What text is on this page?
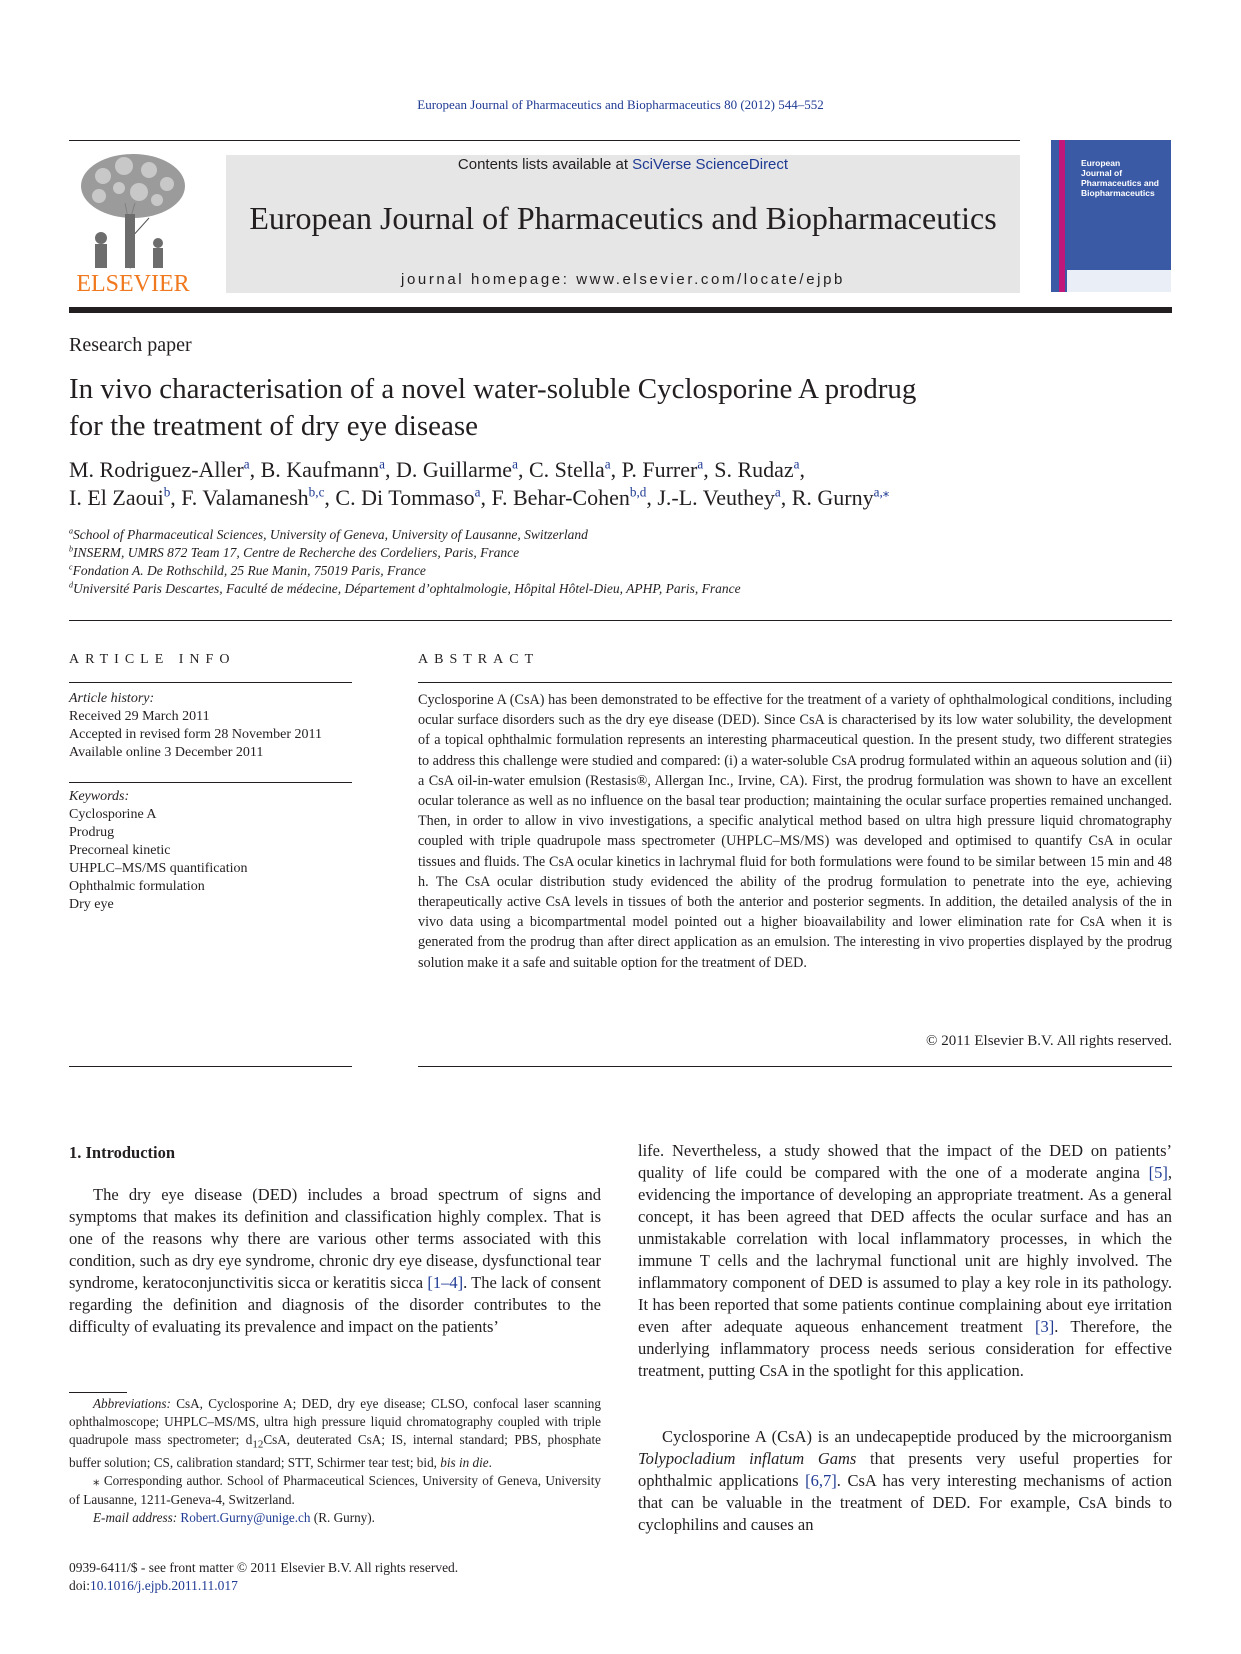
European Journal of Pharmaceutics and Biopharmaceutics 80 (2012) 544–552
ELSEVIER
Contents lists available at SciVerse ScienceDirect
European Journal of Pharmaceutics and Biopharmaceutics
journal homepage: www.elsevier.com/locate/ejpb
European
Journal of
Pharmaceutics and
Biopharmaceutics
Research paper
In vivo characterisation of a novel water-soluble Cyclosporine A prodrug
for the treatment of dry eye disease
M. Rodriguez-Aller$^a$, B. Kaufmann$^a$, D. Guillarme$^a$, C. Stella$^a$, P. Furrer$^a$, S. Rudaz$^a$,
I. El Zaoui$^b$, F. Valamanesh$^{b,c}$, C. Di Tommaso$^a$, F. Behar-Cohen$^{b,d}$, J.-L. Veuthey$^a$, R. Gurny$^{a,⁎}$
$^a$School of Pharmaceutical Sciences, University of Geneva, University of Lausanne, Switzerland
$^b$INSERM, UMRS 872 Team 17, Centre de Recherche des Cordeliers, Paris, France
$^c$Fondation A. De Rothschild, 25 Rue Manin, 75019 Paris, France
$^d$Université Paris Descartes, Faculté de médecine, Département d’ophtalmologie, Hôpital Hôtel-Dieu, APHP, Paris, France
ARTICLE INFO
Article history:
Received 29 March 2011
Accepted in revised form 28 November 2011
Available online 3 December 2011
Keywords:
Cyclosporine A
Prodrug
Precorneal kinetic
UHPLC–MS/MS quantification
Ophthalmic formulation
Dry eye
ABSTRACT
Cyclosporine A (CsA) has been demonstrated to be effective for the treatment of a variety of ophthalmological conditions, including ocular surface disorders such as the dry eye disease (DED). Since CsA is characterised by its low water solubility, the development of a topical ophthalmic formulation represents an interesting pharmaceutical question. In the present study, two different strategies to address this challenge were studied and compared: (i) a water-soluble CsA prodrug formulated within an aqueous solution and (ii) a CsA oil-in-water emulsion (Restasis®, Allergan Inc., Irvine, CA). First, the prodrug formulation was shown to have an excellent ocular tolerance as well as no influence on the basal tear production; maintaining the ocular surface properties remained unchanged. Then, in order to allow in vivo investigations, a specific analytical method based on ultra high pressure liquid chromatography coupled with triple quadrupole mass spectrometer (UHPLC–MS/MS) was developed and optimised to quantify CsA in ocular tissues and fluids. The CsA ocular kinetics in lachrymal fluid for both formulations were found to be similar between 15 min and 48 h. The CsA ocular distribution study evidenced the ability of the prodrug formulation to penetrate into the eye, achieving therapeutically active CsA levels in tissues of both the anterior and posterior segments. In addition, the detailed analysis of the in vivo data using a bicompartmental model pointed out a higher bioavailability and lower elimination rate for CsA when it is generated from the prodrug than after direct application as an emulsion. The interesting in vivo properties displayed by the prodrug solution make it a safe and suitable option for the treatment of DED.
© 2011 Elsevier B.V. All rights reserved.
1. Introduction
The dry eye disease (DED) includes a broad spectrum of signs and symptoms that makes its definition and classification highly complex. That is one of the reasons why there are various other terms associated with this condition, such as dry eye syndrome, chronic dry eye disease, dysfunctional tear syndrome, keratoconjunctivitis sicca or keratitis sicca [1–4]. The lack of consent regarding the definition and diagnosis of the disorder contributes to the difficulty of evaluating its prevalence and impact on the patients’
life. Nevertheless, a study showed that the impact of the DED on patients’ quality of life could be compared with the one of a moderate angina [5], evidencing the importance of developing an appropriate treatment. As a general concept, it has been agreed that DED affects the ocular surface and has an unmistakable correlation with local inflammatory processes, in which the immune T cells and the lachrymal functional unit are highly involved. The inflammatory component of DED is assumed to play a key role in its pathology. It has been reported that some patients continue complaining about eye irritation even after adequate aqueous enhancement treatment [3]. Therefore, the underlying inflammatory process needs serious consideration for effective treatment, putting CsA in the spotlight for this application.
Cyclosporine A (CsA) is an undecapeptide produced by the microorganism Tolypocladium inflatum Gams that presents very useful properties for ophthalmic applications [6,7]. CsA has very interesting mechanisms of action that can be valuable in the treatment of DED. For example, CsA binds to cyclophilins and causes an
Abbreviations: CsA, Cyclosporine A; DED, dry eye disease; CLSO, confocal laser scanning ophthalmoscope; UHPLC–MS/MS, ultra high pressure liquid chromatography coupled with triple quadrupole mass spectrometer; $d_{12}CsA$, deuterated CsA; IS, internal standard; PBS, phosphate buffer solution; CS, calibration standard; STT, Schirmer tear test; bid, bis in die.
⁎ Corresponding author. School of Pharmaceutical Sciences, University of Geneva, University of Lausanne, 1211-Geneva-4, Switzerland.
E-mail address: Robert.Gurny@unige.ch (R. Gurny).
0939-6411/$ - see front matter © 2011 Elsevier B.V. All rights reserved.
doi:10.1016/j.ejpb.2011.11.017
